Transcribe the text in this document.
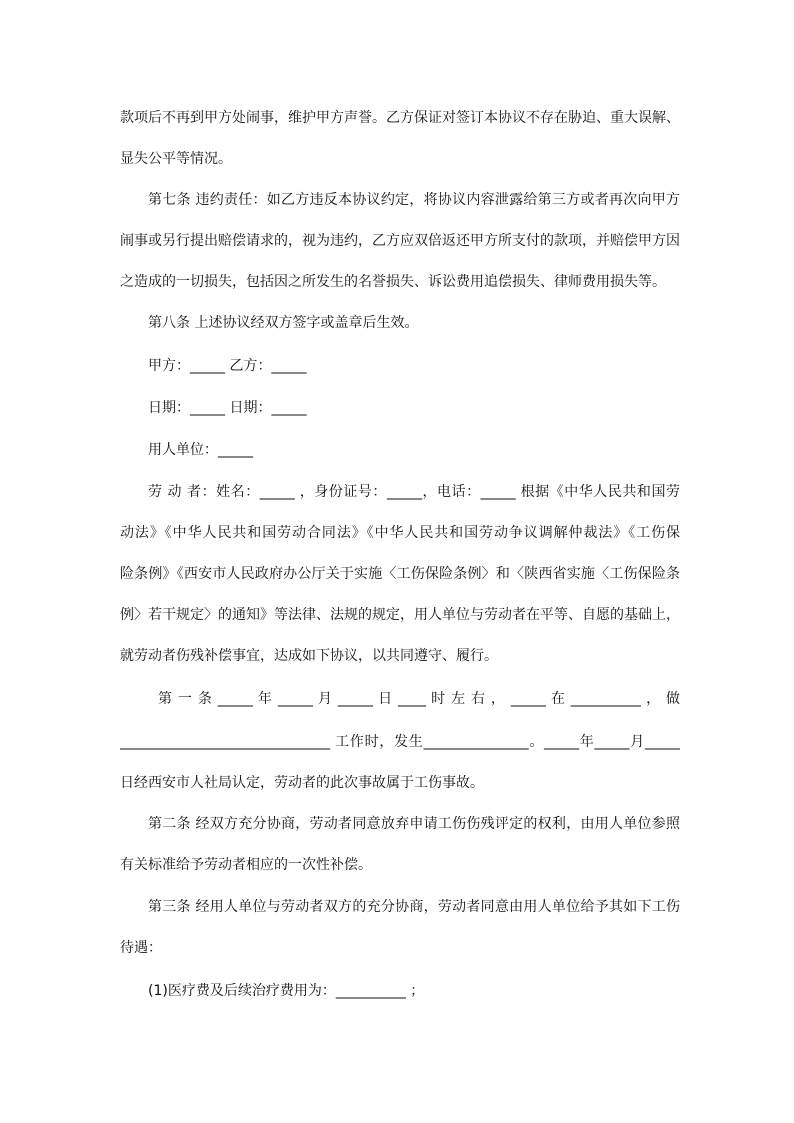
款项后不再到甲方处闹事，维护甲方声誉。乙方保证对签订本协议不存在胁迫、重大误解、
显失公平等情况。
第七条 违约责任：如乙方违反本协议约定，将协议内容泄露给第三方或者再次向甲方
闹事或另行提出赔偿请求的，视为违约，乙方应双倍返还甲方所支付的款项，并赔偿甲方因
之造成的一切损失，包括因之所发生的名誉损失、诉讼费用追偿损失、律师费用损失等。
第八条 上述协议经双方签字或盖章后生效。
甲方：_____ 乙方：_____
日期：_____ 日期：_____
用人单位：_____
劳 动 者：姓名：_____ ，身份证号：_____，电话：_____ 根据《中华人民共和国劳
动法》《中华人民共和国劳动合同法》《中华人民共和国劳动争议调解仲裁法》《工伤保
险条例》《西安市人民政府办公厅关于实施〈工伤保险条例〉和〈陕西省实施〈工伤保险条
例〉若干规定〉的通知》等法律、法规的规定，用人单位与劳动者在平等、自愿的基础上，
就劳动者伤残补偿事宜，达成如下协议，以共同遵守、履行。
第 一 条 _____ 年 _____ 月 _____ 日 ____ 时 左 右 ， _____ 在 __________ ， 做
______________________________ 工作时，发生_______________。_____年_____月_____
日经西安市人社局认定，劳动者的此次事故属于工伤事故。
第二条 经双方充分协商，劳动者同意放弃申请工伤伤残评定的权利，由用人单位参照
有关标准给予劳动者相应的一次性补偿。
第三条 经用人单位与劳动者双方的充分协商，劳动者同意由用人单位给予其如下工伤
待遇：
(1)医疗费及后续治疗费用为：__________ ；
